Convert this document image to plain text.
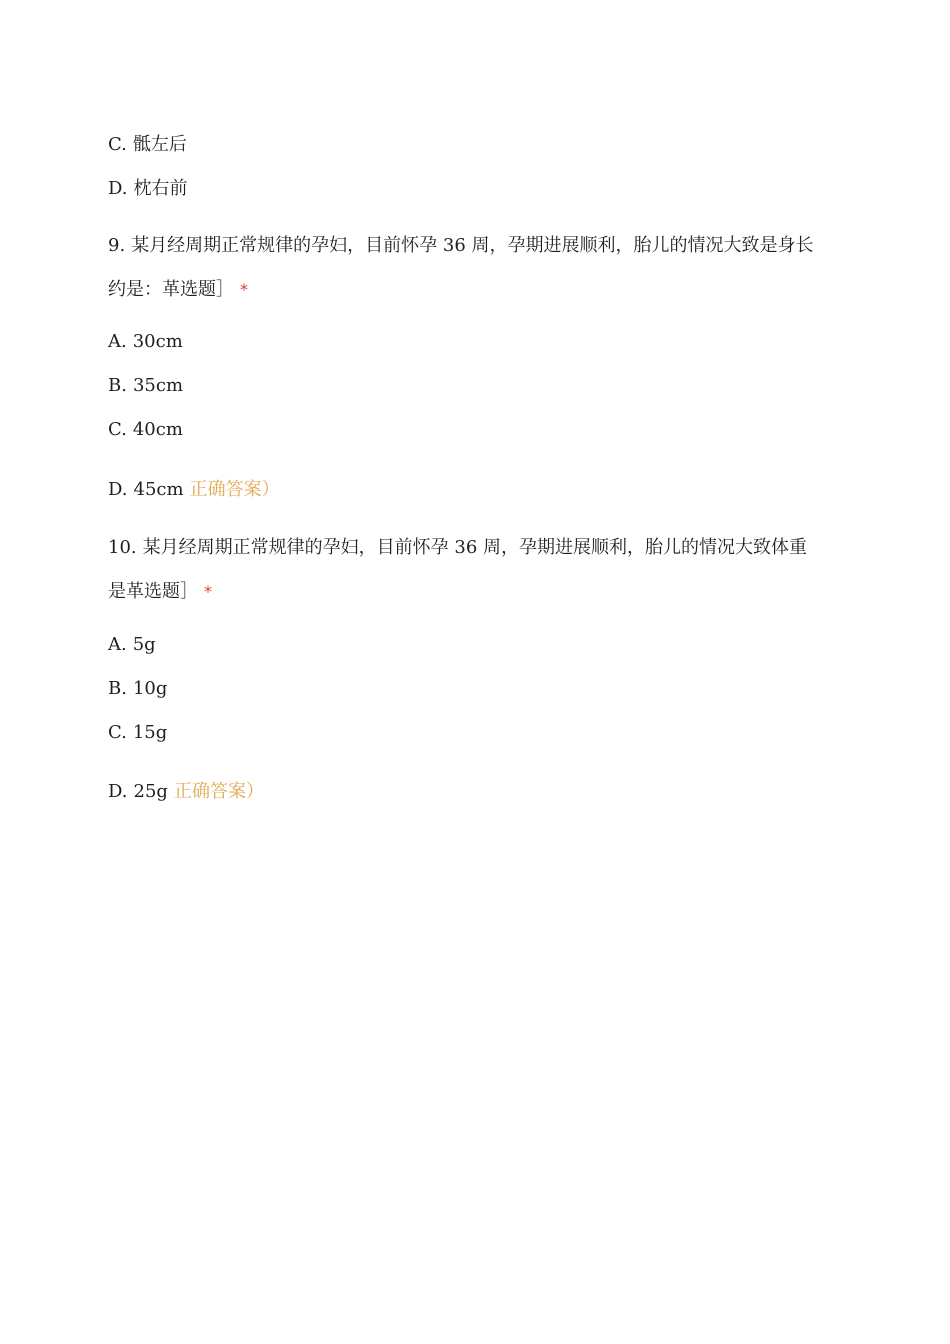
C. 骶左后
D. 枕右前
9. 某月经周期正常规律的孕妇，目前怀孕 36 周，孕期进展顺利，胎儿的情况大致是身长
约是：革选题］ *
A. 30cm
B. 35cm
C. 40cm
D. 45cm 正确答案）
10. 某月经周期正常规律的孕妇，目前怀孕 36 周，孕期进展顺利，胎儿的情况大致体重
是革选题］ *
A. 5g
B. 10g
C. 15g
D. 25g 正确答案）
